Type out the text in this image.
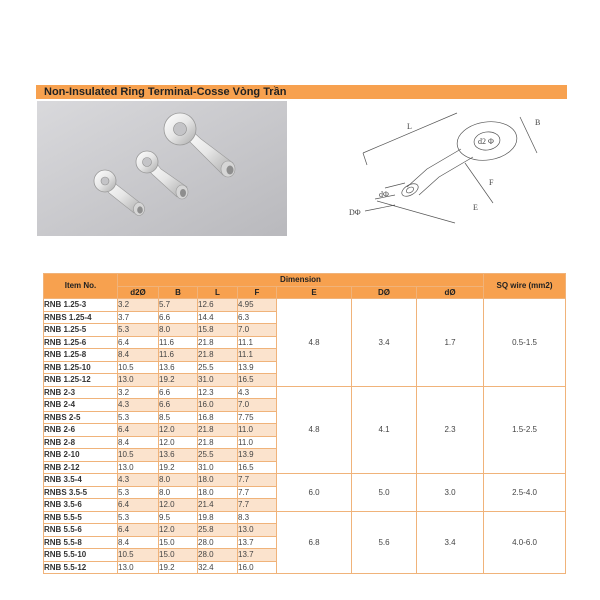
Non-Insulated Ring Terminal-Cosse Vòng Trần
L	B
d2 Φ
F
E
dΦ
DΦ
Item No.	Dimension							SQ wire (mm2)
	d2Ø	B	L	F	E	DØ	dØ	
RNB 1.25-3	3.2	5.7	12.6	4.95	4.8	3.4	1.7	0.5-1.5
RNBS 1.25-4	3.7	6.6	14.4	6.3				
RNB 1.25-5	5.3	8.0	15.8	7.0				
RNB 1.25-6	6.4	11.6	21.8	11.1				
RNB 1.25-8	8.4	11.6	21.8	11.1				
RNB 1.25-10	10.5	13.6	25.5	13.9				
RNB 1.25-12	13.0	19.2	31.0	16.5				
RNB 2-3	3.2	6.6	12.3	4.3	4.8	4.1	2.3	1.5-2.5
RNB 2-4	4.3	6.6	16.0	7.0				
RNBS 2-5	5.3	8.5	16.8	7.75				
RNB 2-6	6.4	12.0	21.8	11.0				
RNB 2-8	8.4	12.0	21.8	11.0				
RNB 2-10	10.5	13.6	25.5	13.9				
RNB 2-12	13.0	19.2	31.0	16.5				
RNB 3.5-4	4.3	8.0	18.0	7.7	6.0	5.0	3.0	2.5-4.0
RNBS 3.5-5	5.3	8.0	18.0	7.7				
RNB 3.5-6	6.4	12.0	21.4	7.7				
RNB 5.5-5	5.3	9.5	19.8	8.3	6.8	5.6	3.4	4.0-6.0
RNB 5.5-6	6.4	12.0	25.8	13.0				
RNB 5.5-8	8.4	15.0	28.0	13.7				
RNB 5.5-10	10.5	15.0	28.0	13.7				
RNB 5.5-12	13.0	19.2	32.4	16.0				
